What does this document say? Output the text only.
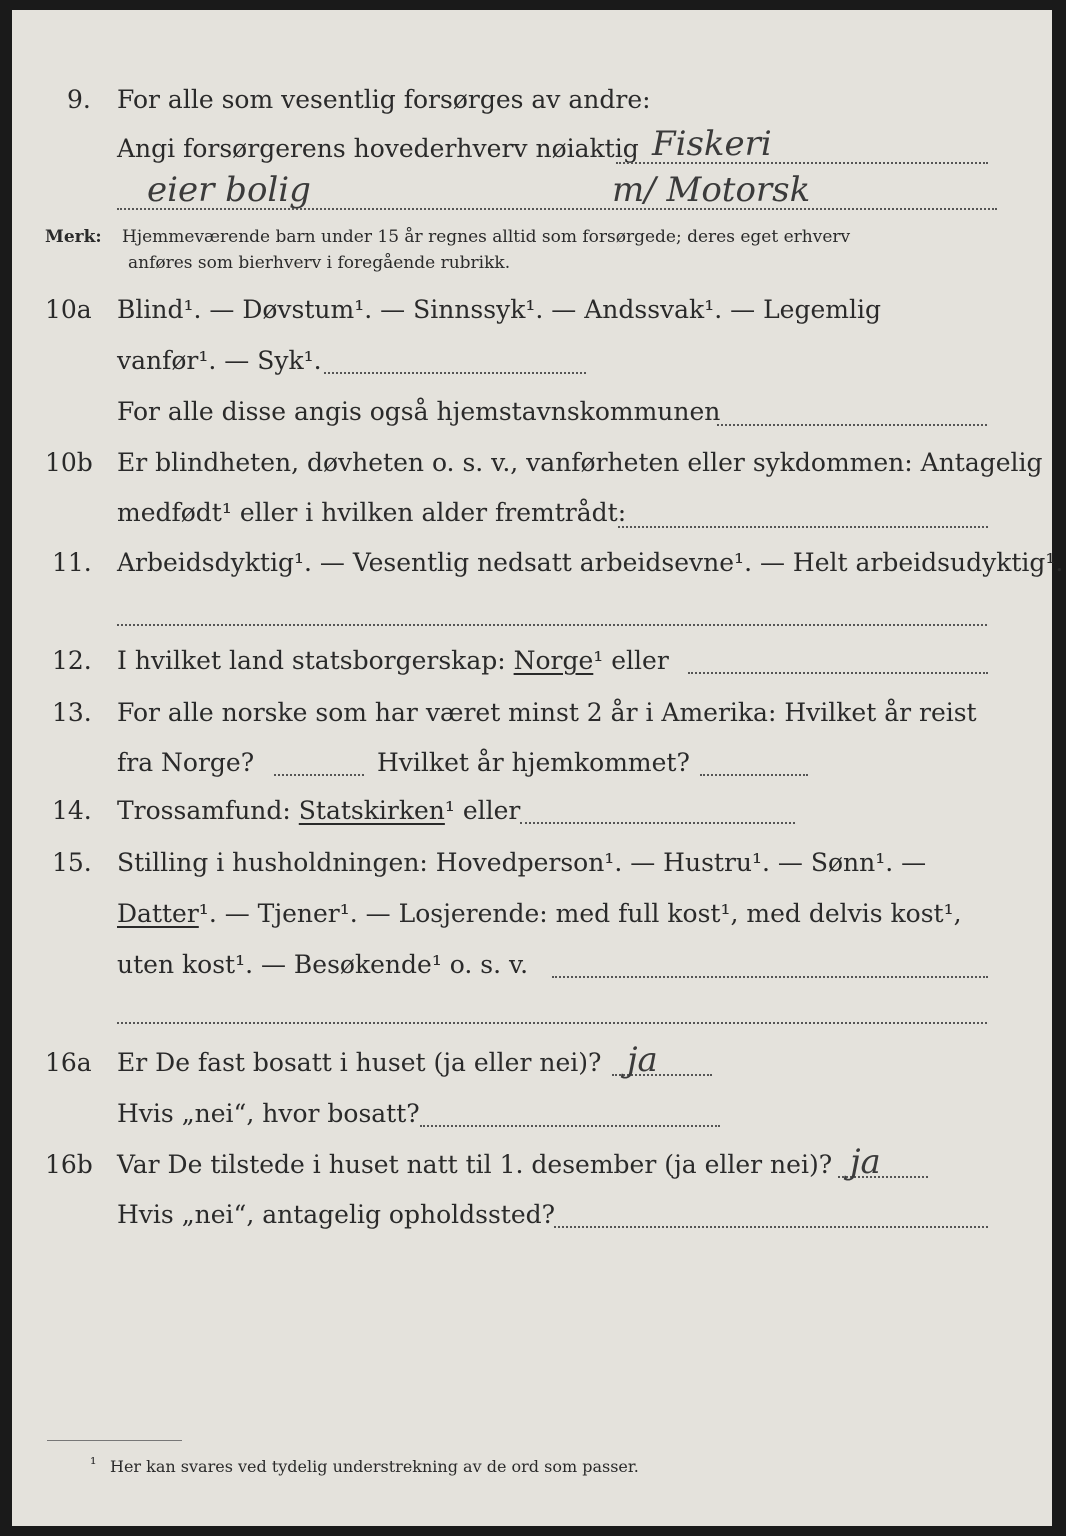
9. For alle som vesentlig forsørges av andre:
Angi forsørgerens hovederhverv nøiaktig Fiskeri
eier bolig	m/ Motorsk
Merk: Hjemmeværende barn under 15 år regnes alltid som forsørgede; deres eget erhverv
anføres som bierhverv i foregående rubrikk.
10a Blind¹. — Døvstum¹. — Sinnssyk¹. — Andssvak¹. — Legemlig
vanfør¹. — Syk¹.
For alle disse angis også hjemstavnskommunen
10b Er blindheten, døvheten o. s. v., vanførheten eller sykdommen: Antagelig
medfødt¹ eller i hvilken alder fremtrådt:
11. Arbeidsdyktig¹. — Vesentlig nedsatt arbeidsevne¹. — Helt arbeidsudyktig¹.
12. I hvilket land statsborgerskap: Norge¹ eller
13. For alle norske som har været minst 2 år i Amerika: Hvilket år reist
fra Norge?	Hvilket år hjemkommet?
14. Trossamfund: Statskirken¹ eller
15. Stilling i husholdningen: Hovedperson¹. — Hustru¹. — Sønn¹. —
Datter¹. — Tjener¹. — Losjerende: med full kost¹, med delvis kost¹,
uten kost¹. — Besøkende¹ o. s. v.
16a Er De fast bosatt i huset (ja eller nei)? ja
Hvis „nei“, hvor bosatt?
16b Var De tilstede i huset natt til 1. desember (ja eller nei)? ja
Hvis „nei“, antagelig opholdssted?
¹ Her kan svares ved tydelig understrekning av de ord som passer.
